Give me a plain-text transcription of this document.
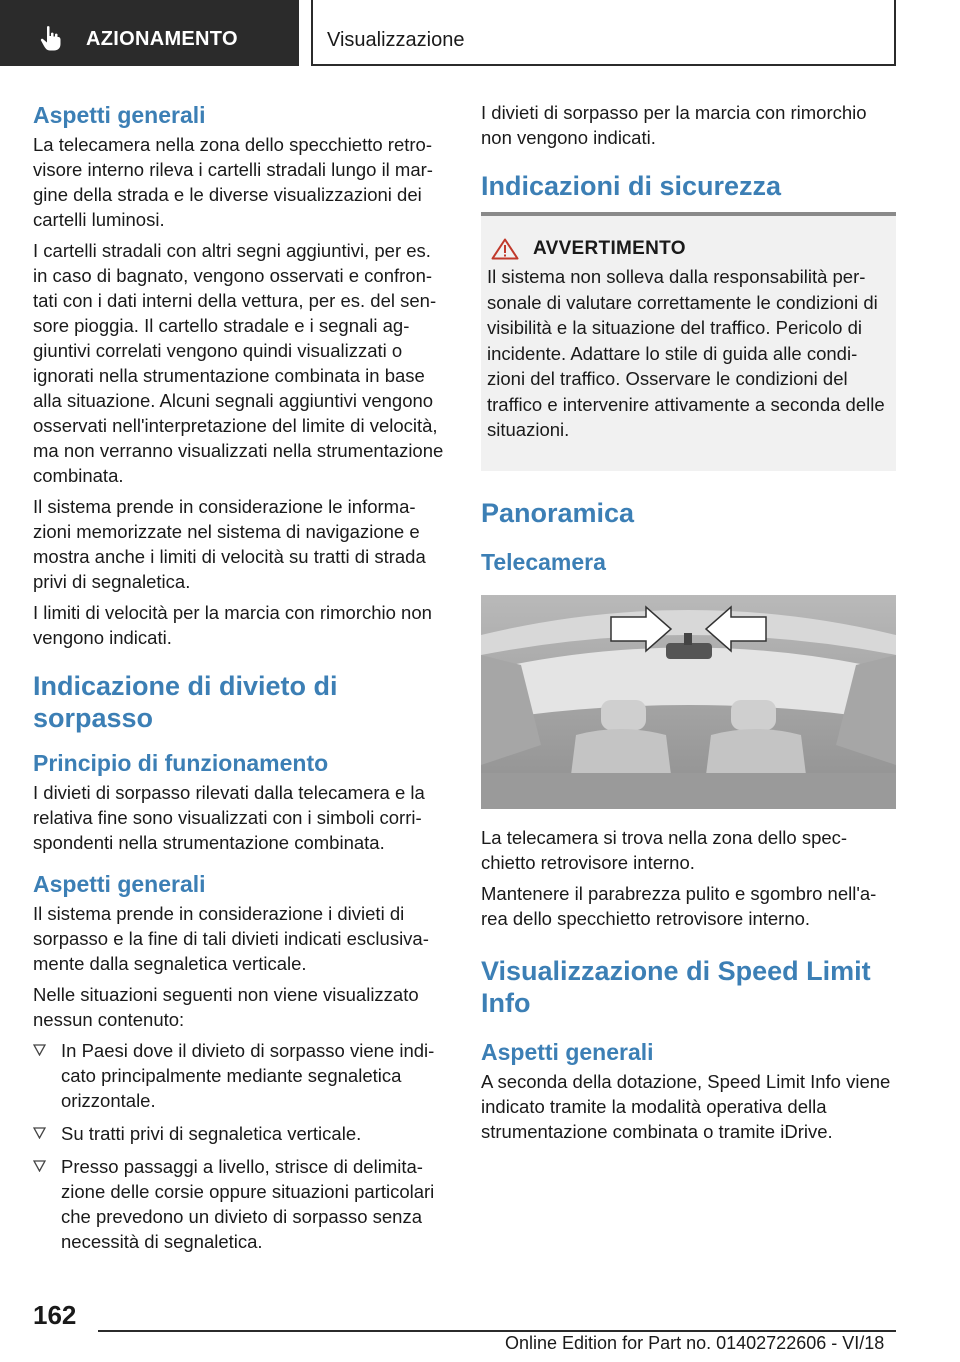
AZIONAMENTO	Visualizzazione
Aspetti generali

La telecamera nella zona dello specchietto retro-visore interno rileva i cartelli stradali lungo il mar-gine della strada e le diverse visualizzazioni dei cartelli luminosi.

I cartelli stradali con altri segni aggiuntivi, per es. in caso di bagnato, vengono osservati e confron-tati con i dati interni della vettura, per es. del sen-sore pioggia. Il cartello stradale e i segnali ag-giuntivi correlati vengono quindi visualizzati o ignorati nella strumentazione combinata in base alla situazione. Alcuni segnali aggiuntivi vengono osservati nell'interpretazione del limite di velocità, ma non verranno visualizzati nella strumentazione combinata.

Il sistema prende in considerazione le informa-zioni memorizzate nel sistema di navigazione e mostra anche i limiti di velocità su tratti di strada privi di segnaletica.

I limiti di velocità per la marcia con rimorchio non vengono indicati.

Indicazione di divieto di sorpasso
Principio di funzionamento

I divieti di sorpasso rilevati dalla telecamera e la relativa fine sono visualizzati con i simboli corri-spondenti nella strumentazione combinata.

Aspetti generali

Il sistema prende in considerazione i divieti di sorpasso e la fine di tali divieti indicati esclusiva-mente dalla segnaletica verticale.

Nelle situazioni seguenti non viene visualizzato nessun contenuto:

In Paesi dove il divieto di sorpasso viene indi-cato principalmente mediante segnaletica orizzontale.
Su tratti privi di segnaletica verticale.
Presso passaggi a livello, strisce di delimita-zione delle corsie oppure situazioni particolari che prevedono un divieto di sorpasso senza necessità di segnaletica.

I divieti di sorpasso per la marcia con rimorchio non vengono indicati.

Indicazioni di sicurezza
AVVERTIMENTO

Il sistema non solleva dalla responsabilità per-sonale di valutare correttamente le condizioni di visibilità e la situazione del traffico. Pericolo di incidente. Adattare lo stile di guida alle condi-zioni del traffico. Osservare le condizioni del traffico e intervenire attivamente a seconda delle situazioni.

Panoramica
Telecamera

La telecamera si trova nella zona dello spec-chietto retrovisore interno.

Mantenere il parabrezza pulito e sgombro nell'a-rea dello specchietto retrovisore interno.

Visualizzazione di Speed Limit Info
Aspetti generali

A seconda della dotazione, Speed Limit Info viene indicato tramite la modalità operativa della strumentazione combinata o tramite iDrive.

162
Online Edition for Part no. 01402722606 - VI/18
